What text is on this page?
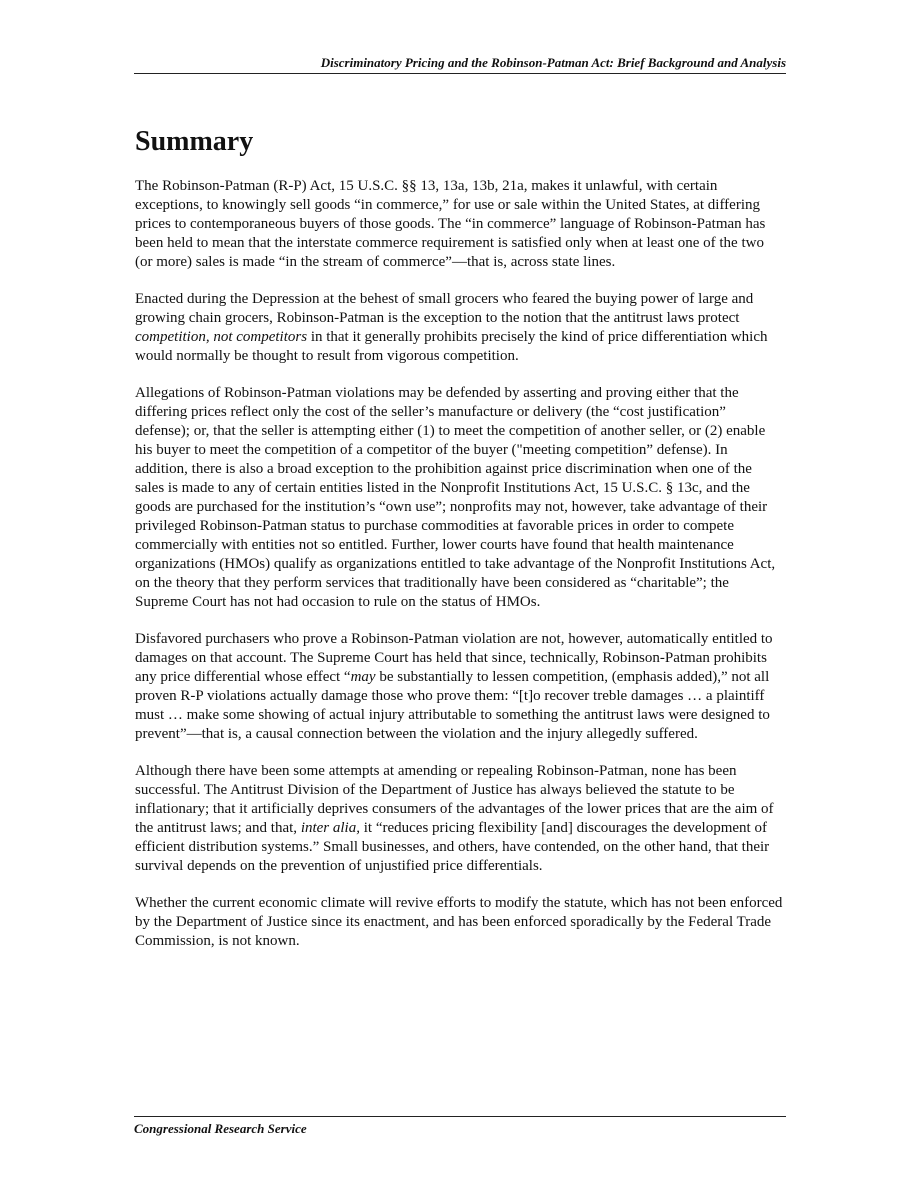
Discriminatory Pricing and the Robinson-Patman Act: Brief Background and Analysis
Summary

The Robinson-Patman (R-P) Act, 15 U.S.C. §§ 13, 13a, 13b, 21a, makes it unlawful, with certain exceptions, to knowingly sell goods “in commerce,” for use or sale within the United States, at differing prices to contemporaneous buyers of those goods. The “in commerce” language of Robinson-Patman has been held to mean that the interstate commerce requirement is satisfied only when at least one of the two (or more) sales is made “in the stream of commerce”—that is, across state lines.

Enacted during the Depression at the behest of small grocers who feared the buying power of large and growing chain grocers, Robinson-Patman is the exception to the notion that the antitrust laws protect competition, not competitors in that it generally prohibits precisely the kind of price differentiation which would normally be thought to result from vigorous competition.

Allegations of Robinson-Patman violations may be defended by asserting and proving either that the differing prices reflect only the cost of the seller’s manufacture or delivery (the “cost justification” defense); or, that the seller is attempting either (1) to meet the competition of another seller, or (2) enable his buyer to meet the competition of a competitor of the buyer ("meeting competition” defense). In addition, there is also a broad exception to the prohibition against price discrimination when one of the sales is made to any of certain entities listed in the Nonprofit Institutions Act, 15 U.S.C. § 13c, and the goods are purchased for the institution’s “own use”; nonprofits may not, however, take advantage of their privileged Robinson-Patman status to purchase commodities at favorable prices in order to compete commercially with entities not so entitled. Further, lower courts have found that health maintenance organizations (HMOs) qualify as organizations entitled to take advantage of the Nonprofit Institutions Act, on the theory that they perform services that traditionally have been considered as “charitable”; the Supreme Court has not had occasion to rule on the status of HMOs.

Disfavored purchasers who prove a Robinson-Patman violation are not, however, automatically entitled to damages on that account. The Supreme Court has held that since, technically, Robinson-Patman prohibits any price differential whose effect “may be substantially to lessen competition, (emphasis added),” not all proven R-P violations actually damage those who prove them: “[t]o recover treble damages … a plaintiff must … make some showing of actual injury attributable to something the antitrust laws were designed to prevent”—that is, a causal connection between the violation and the injury allegedly suffered.

Although there have been some attempts at amending or repealing Robinson-Patman, none has been successful. The Antitrust Division of the Department of Justice has always believed the statute to be inflationary; that it artificially deprives consumers of the advantages of the lower prices that are the aim of the antitrust laws; and that, inter alia, it “reduces pricing flexibility [and] discourages the development of efficient distribution systems.” Small businesses, and others, have contended, on the other hand, that their survival depends on the prevention of unjustified price differentials.

Whether the current economic climate will revive efforts to modify the statute, which has not been enforced by the Department of Justice since its enactment, and has been enforced sporadically by the Federal Trade Commission, is not known.

Congressional Research Service
